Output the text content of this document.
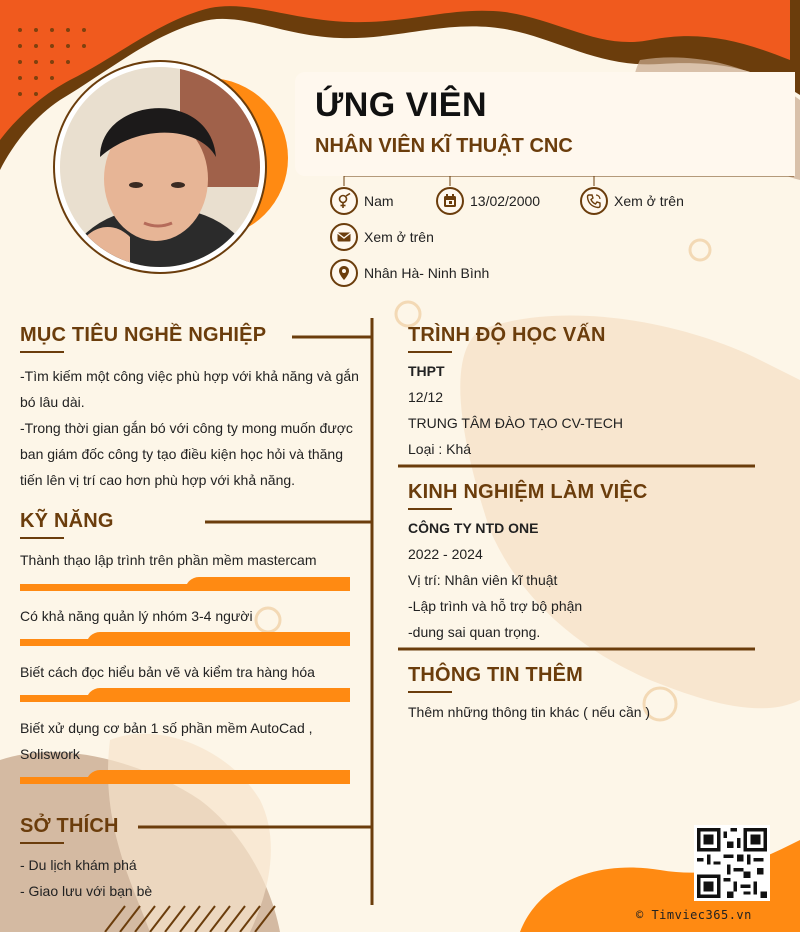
ỨNG VIÊN
NHÂN VIÊN KĨ THUẬT CNC
Nam	13/02/2000	Xem ở trên
Xem ở trên
Nhân Hà- Ninh Bình
MỤC TIÊU NGHỀ NGHIỆP
-Tìm kiếm một công việc phù hợp với khả năng và gắn
bó lâu dài.
-Trong thời gian gắn bó với công ty mong muốn được
ban giám đốc công ty tạo điều kiện học hỏi và thăng
tiến lên vị trí cao hơn phù hợp với khả năng.
KỸ NĂNG
Thành thạo lập trình trên phần mềm mastercam
Có khả năng quản lý nhóm 3-4 người
Biết cách đọc hiểu bản vẽ và kiểm tra hàng hóa
Biết xử dụng cơ bản 1 số phần mềm AutoCad ,
Soliswork
SỞ THÍCH
- Du lịch khám phá
- Giao lưu với bạn bè
TRÌNH ĐỘ HỌC VẤN
THPT
12/12
TRUNG TÂM ĐÀO TẠO CV-TECH
Loại : Khá
KINH NGHIỆM LÀM VIỆC
CÔNG TY NTD ONE
2022 - 2024
Vị trí: Nhân viên kĩ thuật
-Lập trình và hỗ trợ bộ phận
-dung sai quan trọng.
THÔNG TIN THÊM
Thêm những thông tin khác ( nếu cần )
© Timviec365.vn
